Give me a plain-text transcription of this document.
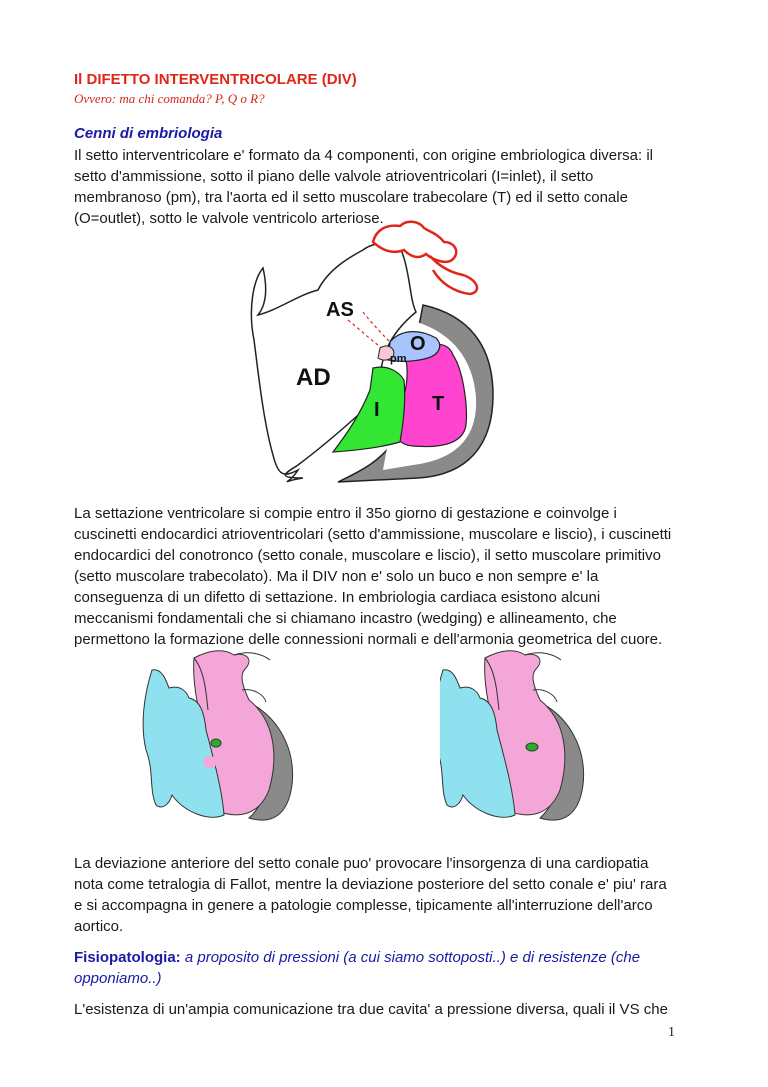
Il DIFETTO INTERVENTRICOLARE (DIV)

Ovvero: ma chi comanda? P, Q o R?

Cenni di embriologia

Il setto interventricolare e' formato da 4 componenti, con origine embriologica diversa: il
setto d'ammissione, sotto il piano delle valvole atrioventricolari (I=inlet), il setto
membranoso (pm), tra l'aorta ed il setto muscolare trabecolare (T) ed il setto conale
(O=outlet), sotto le valvole ventricolo arteriose.

AS
AD
O
pm
I	T

La settazione ventricolare si compie entro il 35o giorno di gestazione e coinvolge i
cuscinetti endocardici atrioventricolari (setto d'ammissione, muscolare e liscio), i cuscinetti
endocardici del conotronco (setto conale, muscolare e liscio), il setto muscolare primitivo
(setto muscolare trabecolato). Ma il DIV non e' solo un buco e non sempre e' la
conseguenza di un difetto di settazione. In embriologia cardiaca esistono alcuni
meccanismi fondamentali che si chiamano incastro (wedging) e allineamento, che
permettono la formazione delle connessioni normali e dell'armonia geometrica del cuore.

La deviazione anteriore del setto conale puo' provocare l'insorgenza di una cardiopatia
nota come tetralogia di Fallot, mentre la deviazione posteriore del setto conale e' piu' rara
e si accompagna in genere a patologie complesse, tipicamente all'interruzione dell'arco
aortico.

Fisiopatologia: a proposito di pressioni (a cui siamo sottoposti..) e di resistenze (che opponiamo..)

L'esistenza di un'ampia comunicazione tra due cavita' a pressione diversa, quali il VS che

1
